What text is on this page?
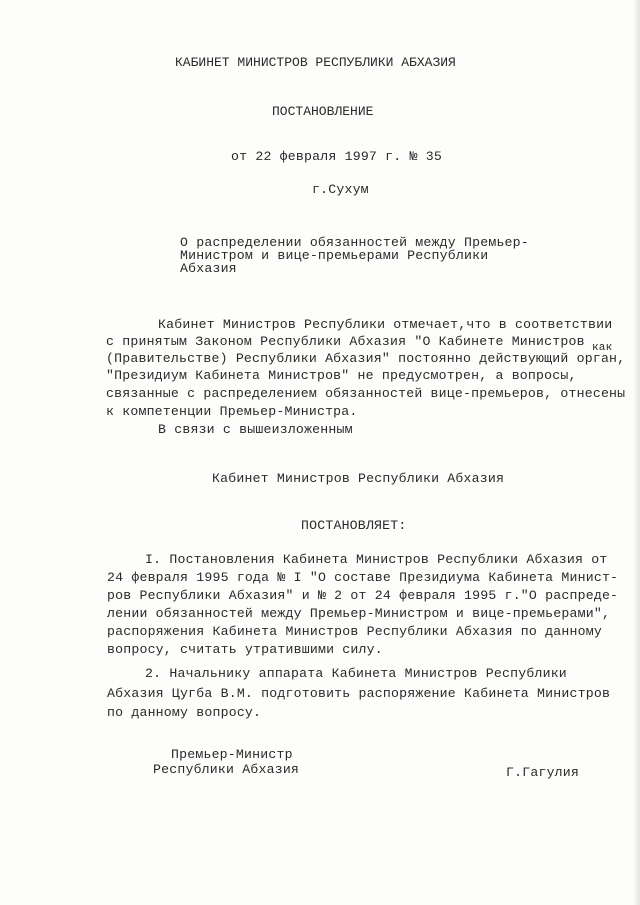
КАБИНЕТ МИНИСТРОВ РЕСПУБЛИКИ АБХАЗИЯ
ПОСТАНОВЛЕНИЕ
от 22 февраля 1997 г. № 35
г.Сухум
О распределении обязанностей между Премьер-
Министром и вице-премьерами Республики
Абхазия
Кабинет Министров Республики отмечает,что в соответствии
с принятым Законом Республики Абхазия "О Кабинете Министров
(Правительстве) Республики Абхазия" постоянно действующий орган,
как
"Президиум Кабинета Министров" не предусмотрен, а вопросы,
связанные с распределением обязанностей вице-премьеров, отнесены
к компетенции Премьер-Министра.
В связи с вышеизложенным
Кабинет Министров Республики Абхазия
ПОСТАНОВЛЯЕТ:
I. Постановления Кабинета Министров Республики Абхазия от
24 февраля 1995 года № I "О составе Президиума Кабинета Минист-
ров Республики Абхазия" и № 2 от 24 февраля 1995 г."О распреде-
лении обязанностей между Премьер-Министром и вице-премьерами",
распоряжения Кабинета Министров Республики Абхазия по данному
вопросу, считать утратившими силу.
2. Начальнику аппарата Кабинета Министров Республики
Абхазия Цугба В.М. подготовить распоряжение Кабинета Министров
по данному вопросу.
Премьер-Министр
Республики Абхазия	Г.Гагулия
